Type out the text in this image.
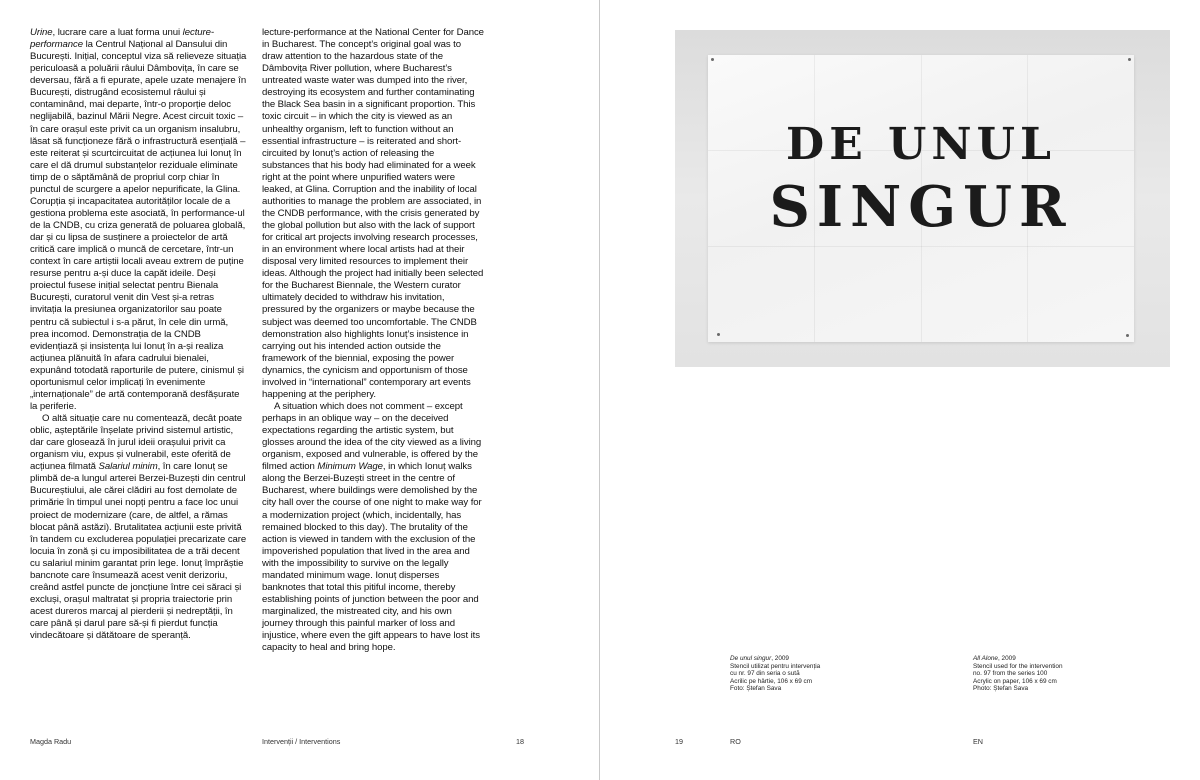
Urine, lucrare care a luat forma unui lecture-performance la Centrul Național al Dansului din București. Inițial, conceptul viza să relieveze situația periculoasă a poluării râului Dâmbovița, în care se deversau, fără a fi epurate, apele uzate menajere în București, distrugând ecosistemul râului și contaminând, mai departe, într-o proporție deloc neglijabilă, bazinul Mării Negre. Acest circuit toxic – în care orașul este privit ca un organism insalubru, lăsat să funcționeze fără o infrastructură esențială – este reiterat și scurtcircuitat de acțiunea lui Ionuț în care el dă drumul substanțelor reziduale eliminate timp de o săptămână de propriul corp chiar în punctul de scurgere a apelor nepurificate, la Glina. Corupția și incapacitatea autorităților locale de a gestiona problema este asociată, în performance-ul de la CNDB, cu criza generată de poluarea globală, dar și cu lipsa de susținere a proiectelor de artă critică care implică o muncă de cercetare, într-un context în care artiștii locali aveau extrem de puține resurse pentru a-și duce la capăt ideile. Deși proiectul fusese inițial selectat pentru Bienala București, curatorul venit din Vest și-a retras invitația la presiunea organizatorilor sau poate pentru că subiectul i s-a părut, în cele din urmă, prea incomod. Demonstrația de la CNDB evidențiază și insistența lui Ionuț în a-și realiza acțiunea plănuită în afara cadrului bienalei, expunând totodată raporturile de putere, cinismul și oportunismul celor implicați în evenimente „internaționale” de artă contemporană desfășurate la periferie.

O altă situație care nu comentează, decât poate oblic, așteptările înșelate privind sistemul artistic, dar care glosează în jurul ideii orașului privit ca organism viu, expus și vulnerabil, este oferită de acțiunea filmată Salariul minim, în care Ionuț se plimbă de-a lungul arterei Berzei-Buzești din centrul Bucureștiului, ale cărei clădiri au fost demolate de primărie în timpul unei nopți pentru a face loc unui proiect de modernizare (care, de altfel, a rămas blocat până astăzi). Brutalitatea acțiunii este privită în tandem cu excluderea populației precarizate care locuia în zonă și cu imposibilitatea de a trăi decent cu salariul minim garantat prin lege. Ionuț împrăștie bancnote care însumează acest venit derizoriu, creând astfel puncte de joncțiune între cei săraci și excluși, orașul maltratat și propria traiectorie prin acest dureros marcaj al pierderii și nedreptății, în care până și darul pare să-și fi pierdut funcția vindecătoare și dătătoare de speranță.

lecture-performance at the National Center for Dance in Bucharest. The concept’s original goal was to draw attention to the hazardous state of the Dâmbovița River pollution, where Bucharest’s untreated waste water was dumped into the river, destroying its ecosystem and further contaminating the Black Sea basin in a significant proportion. This toxic circuit – in which the city is viewed as an unhealthy organism, left to function without an essential infrastructure – is reiterated and short-circuited by Ionuț’s action of releasing the substances that his body had eliminated for a week right at the point where unpurified waters were leaked, at Glina. Corruption and the inability of local authorities to manage the problem are associated, in the CNDB performance, with the crisis generated by the global pollution but also with the lack of support for critical art projects involving research processes, in an environment where local artists had at their disposal very limited resources to implement their ideas. Although the project had initially been selected for the Bucharest Biennale, the Western curator ultimately decided to withdraw his invitation, pressured by the organizers or maybe because the subject was deemed too uncomfortable. The CNDB demonstration also highlights Ionuț’s insistence in carrying out his intended action outside the framework of the biennial, exposing the power dynamics, the cynicism and opportunism of those involved in “international” contemporary art events happening at the periphery.

A situation which does not comment – except perhaps in an oblique way – on the deceived expectations regarding the artistic system, but glosses around the idea of the city viewed as a living organism, exposed and vulnerable, is offered by the filmed action Minimum Wage, in which Ionuț walks along the Berzei-Buzești street in the centre of Bucharest, where buildings were demolished by the city hall over the course of one night to make way for a modernization project (which, incidentally, has remained blocked to this day). The brutality of the action is viewed in tandem with the exclusion of the impoverished population that lived in the area and with the impossibility to survive on the legally mandated minimum wage. Ionuț disperses banknotes that total this pitiful income, thereby establishing points of junction between the poor and marginalized, the mistreated city, and his own journey through this painful marker of loss and injustice, where even the gift appears to have lost its capacity to heal and bring hope.

DE UNUL
SINGUR
De unul singur, 2009
Stencil utilizat pentru intervenția
cu nr. 97 din seria o sută
Acrilic pe hârtie, 106 x 69 cm
Foto: Ștefan Sava
All Alone, 2009
Stencil used for the intervention
no. 97 from the series 100
Acrylic on paper, 106 x 69 cm
Photo: Ștefan Sava
Magda Radu	Intervenții / Interventions	18	19	RO	EN
